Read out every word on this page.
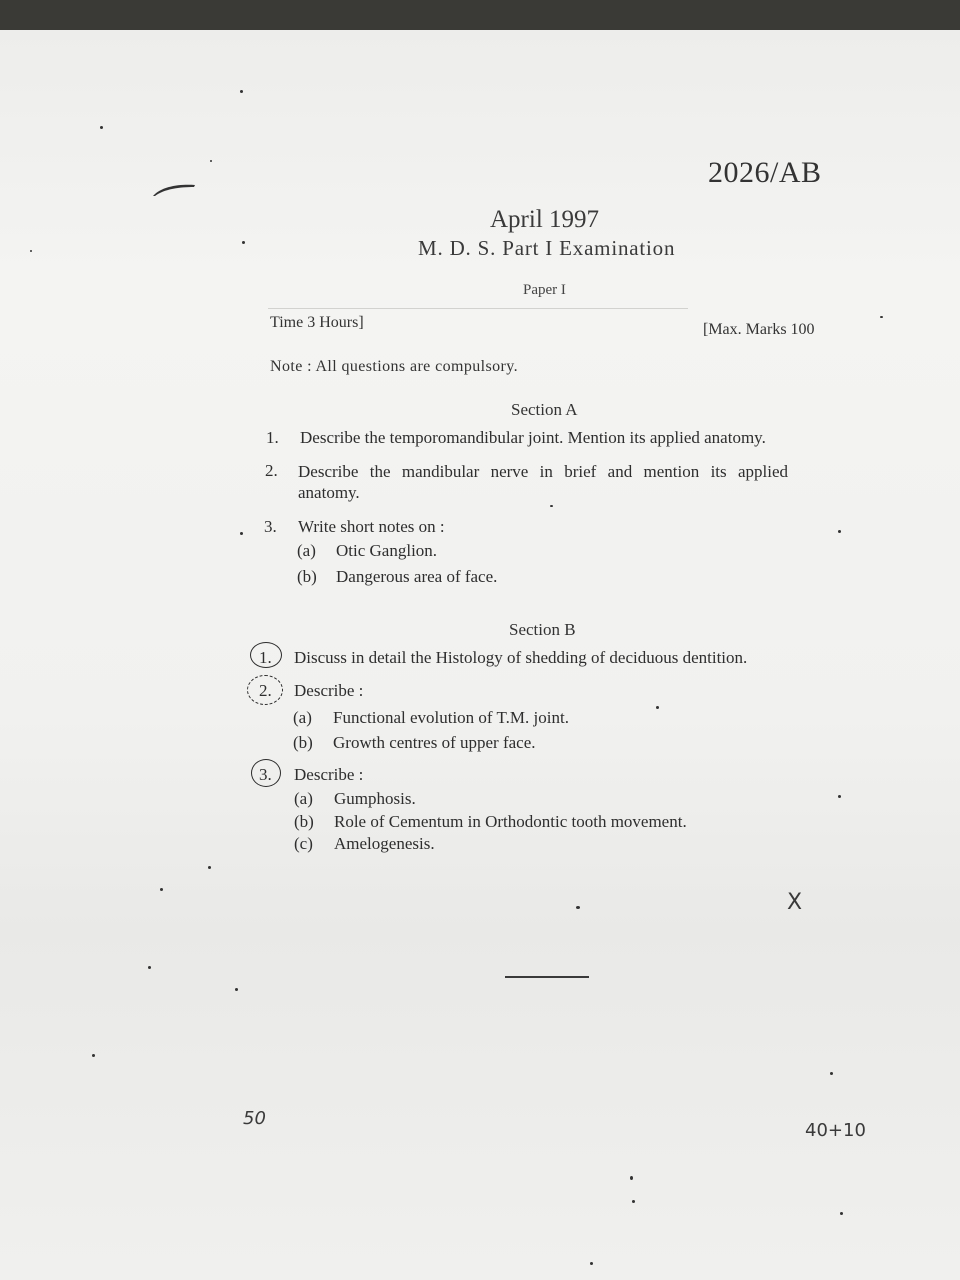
2026/AB
April 1997
M. D. S. Part I Examination
Paper I
Time 3 Hours]	[Max. Marks 100
Note : All questions are compulsory.
Section A
1. Describe the temporomandibular joint. Mention its applied anatomy.
2. Describe the mandibular nerve in brief and mention its applied anatomy.
3. Write short notes on :
(a) Otic Ganglion.
(b) Dangerous area of face.
Section B
1. Discuss in detail the Histology of shedding of deciduous dentition.
2. Describe :
(a) Functional evolution of T.M. joint.
(b) Growth centres of upper face.
3. Describe :
(a) Gumphosis.
(b) Role of Cementum in Orthodontic tooth movement.
(c) Amelogenesis.
X
50
40+10
